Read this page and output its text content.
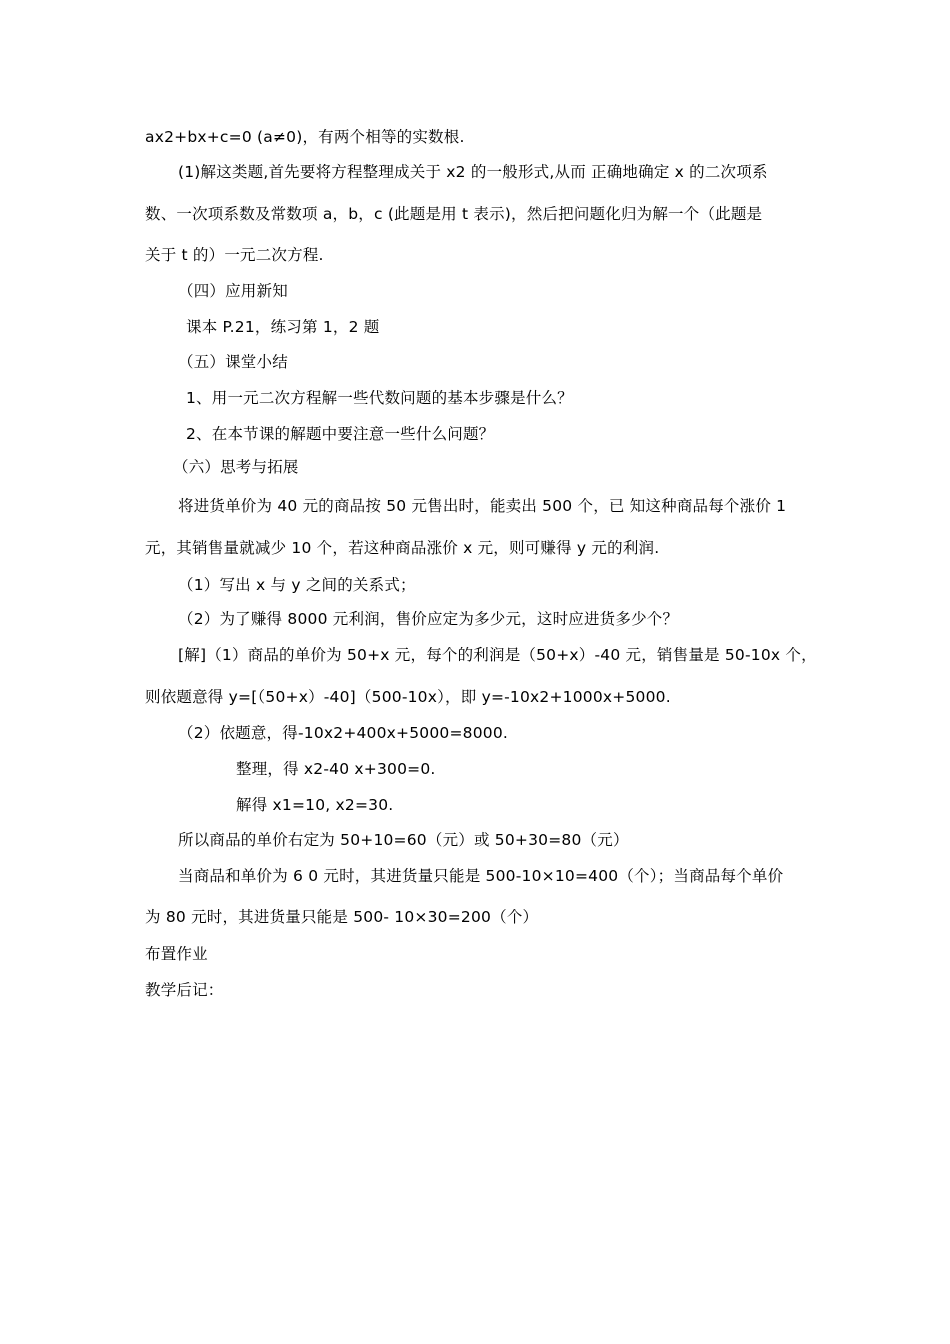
ax2+bx+c=0 (a≠0)，有两个相等的实数根.
(1)解这类题,首先要将方程整理成关于 x2 的一般形式,从而 正确地确定 x 的二次项系
数、一次项系数及常数项 a，b，c (此题是用 t 表示)，然后把问题化归为解一个（此题是
关于 t 的）一元二次方程.
（四）应用新知
课本 P.21，练习第 1，2 题
（五）课堂小结
1、用一元二次方程解一些代数问题的基本步骤是什么？
2、在本节课的解题中要注意一些什么问题？
（六）思考与拓展
将进货单价为 40 元的商品按 50 元售出时，能卖出 500 个，已 知这种商品每个涨价 1
元，其销售量就减少 10 个，若这种商品涨价 x 元，则可赚得 y 元的利润.
（1）写出 x 与 y 之间的关系式；
（2）为了赚得 8000 元利润，售价应定为多少元，这时应进货多少个？
[解]（1）商品的单价为 50+x 元，每个的利润是（50+x）-40 元，销售量是 50-10x 个，
则依题意得 y=[（50+x）-40]（500-10x），即 y=-10x2+1000x+5000.
（2）依题意，得-10x2+400x+5000=8000.
整理，得 x2-40 x+300=0.
解得 x1=10, x2=30.
所以商品的单价右定为 50+10=60（元）或 50+30=80（元）
当商品和单价为 6 0 元时，其进货量只能是 500-10×10=400（个）；当商品每个单价
为 80 元时，其进货量只能是 500- 10×30=200（个）
布置作业
教学后记：
